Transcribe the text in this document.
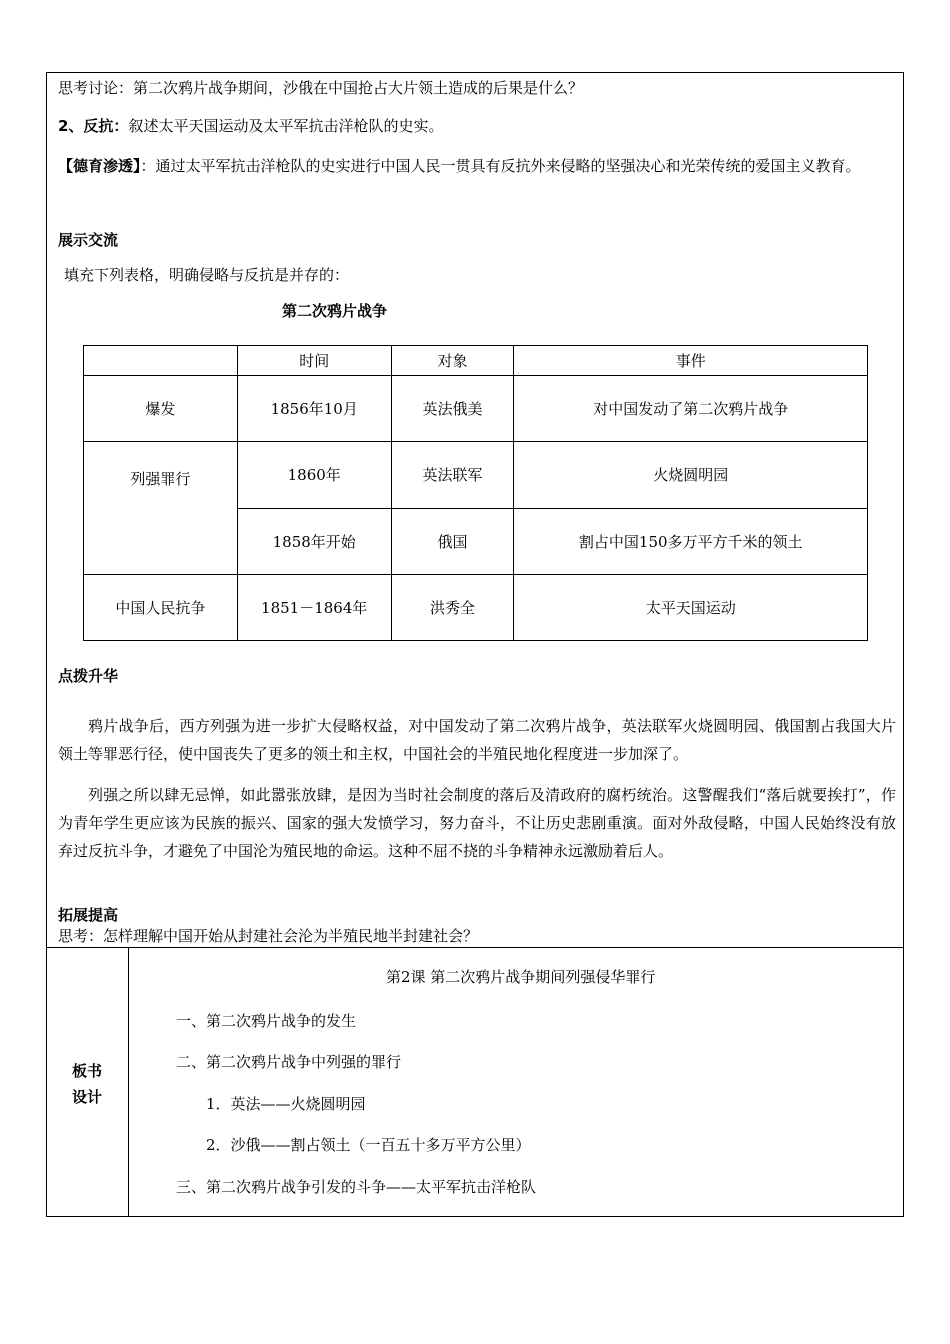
思考讨论：第二次鸦片战争期间，沙俄在中国抢占大片领土造成的后果是什么？
2、反抗：叙述太平天国运动及太平军抗击洋枪队的史实。
【德育渗透】：通过太平军抗击洋枪队的史实进行中国人民一贯具有反抗外来侵略的坚强决心和光荣传统的爱国主义教育。
展示交流
填充下列表格，明确侵略与反抗是并存的：
第二次鸦片战争
	时间	对象	事件
爆发	1856年10月	英法俄美	对中国发动了第二次鸦片战争
列强罪行	1860年	英法联军	火烧圆明园
	1858年开始	俄国	割占中国150多万平方千米的领土
中国人民抗争	1851－1864年	洪秀全	太平天国运动
点拨升华
鸦片战争后，西方列强为进一步扩大侵略权益，对中国发动了第二次鸦片战争，英法联军火烧圆明园、俄国割占我国大片领土等罪恶行径，使中国丧失了更多的领土和主权，中国社会的半殖民地化程度进一步加深了。
列强之所以肆无忌惮，如此嚣张放肆，是因为当时社会制度的落后及清政府的腐朽统治。这警醒我们“落后就要挨打”，作为青年学生更应该为民族的振兴、国家的强大发愤学习，努力奋斗，不让历史悲剧重演。面对外敌侵略，中国人民始终没有放弃过反抗斗争，才避免了中国沦为殖民地的命运。这种不屈不挠的斗争精神永远激励着后人。
拓展提高
思考：怎样理解中国开始从封建社会沦为半殖民地半封建社会？
板书
设计
第2课 第二次鸦片战争期间列强侵华罪行
一、第二次鸦片战争的发生
二、第二次鸦片战争中列强的罪行
1．英法——火烧圆明园
2．沙俄——割占领土（一百五十多万平方公里）
三、第二次鸦片战争引发的斗争——太平军抗击洋枪队
